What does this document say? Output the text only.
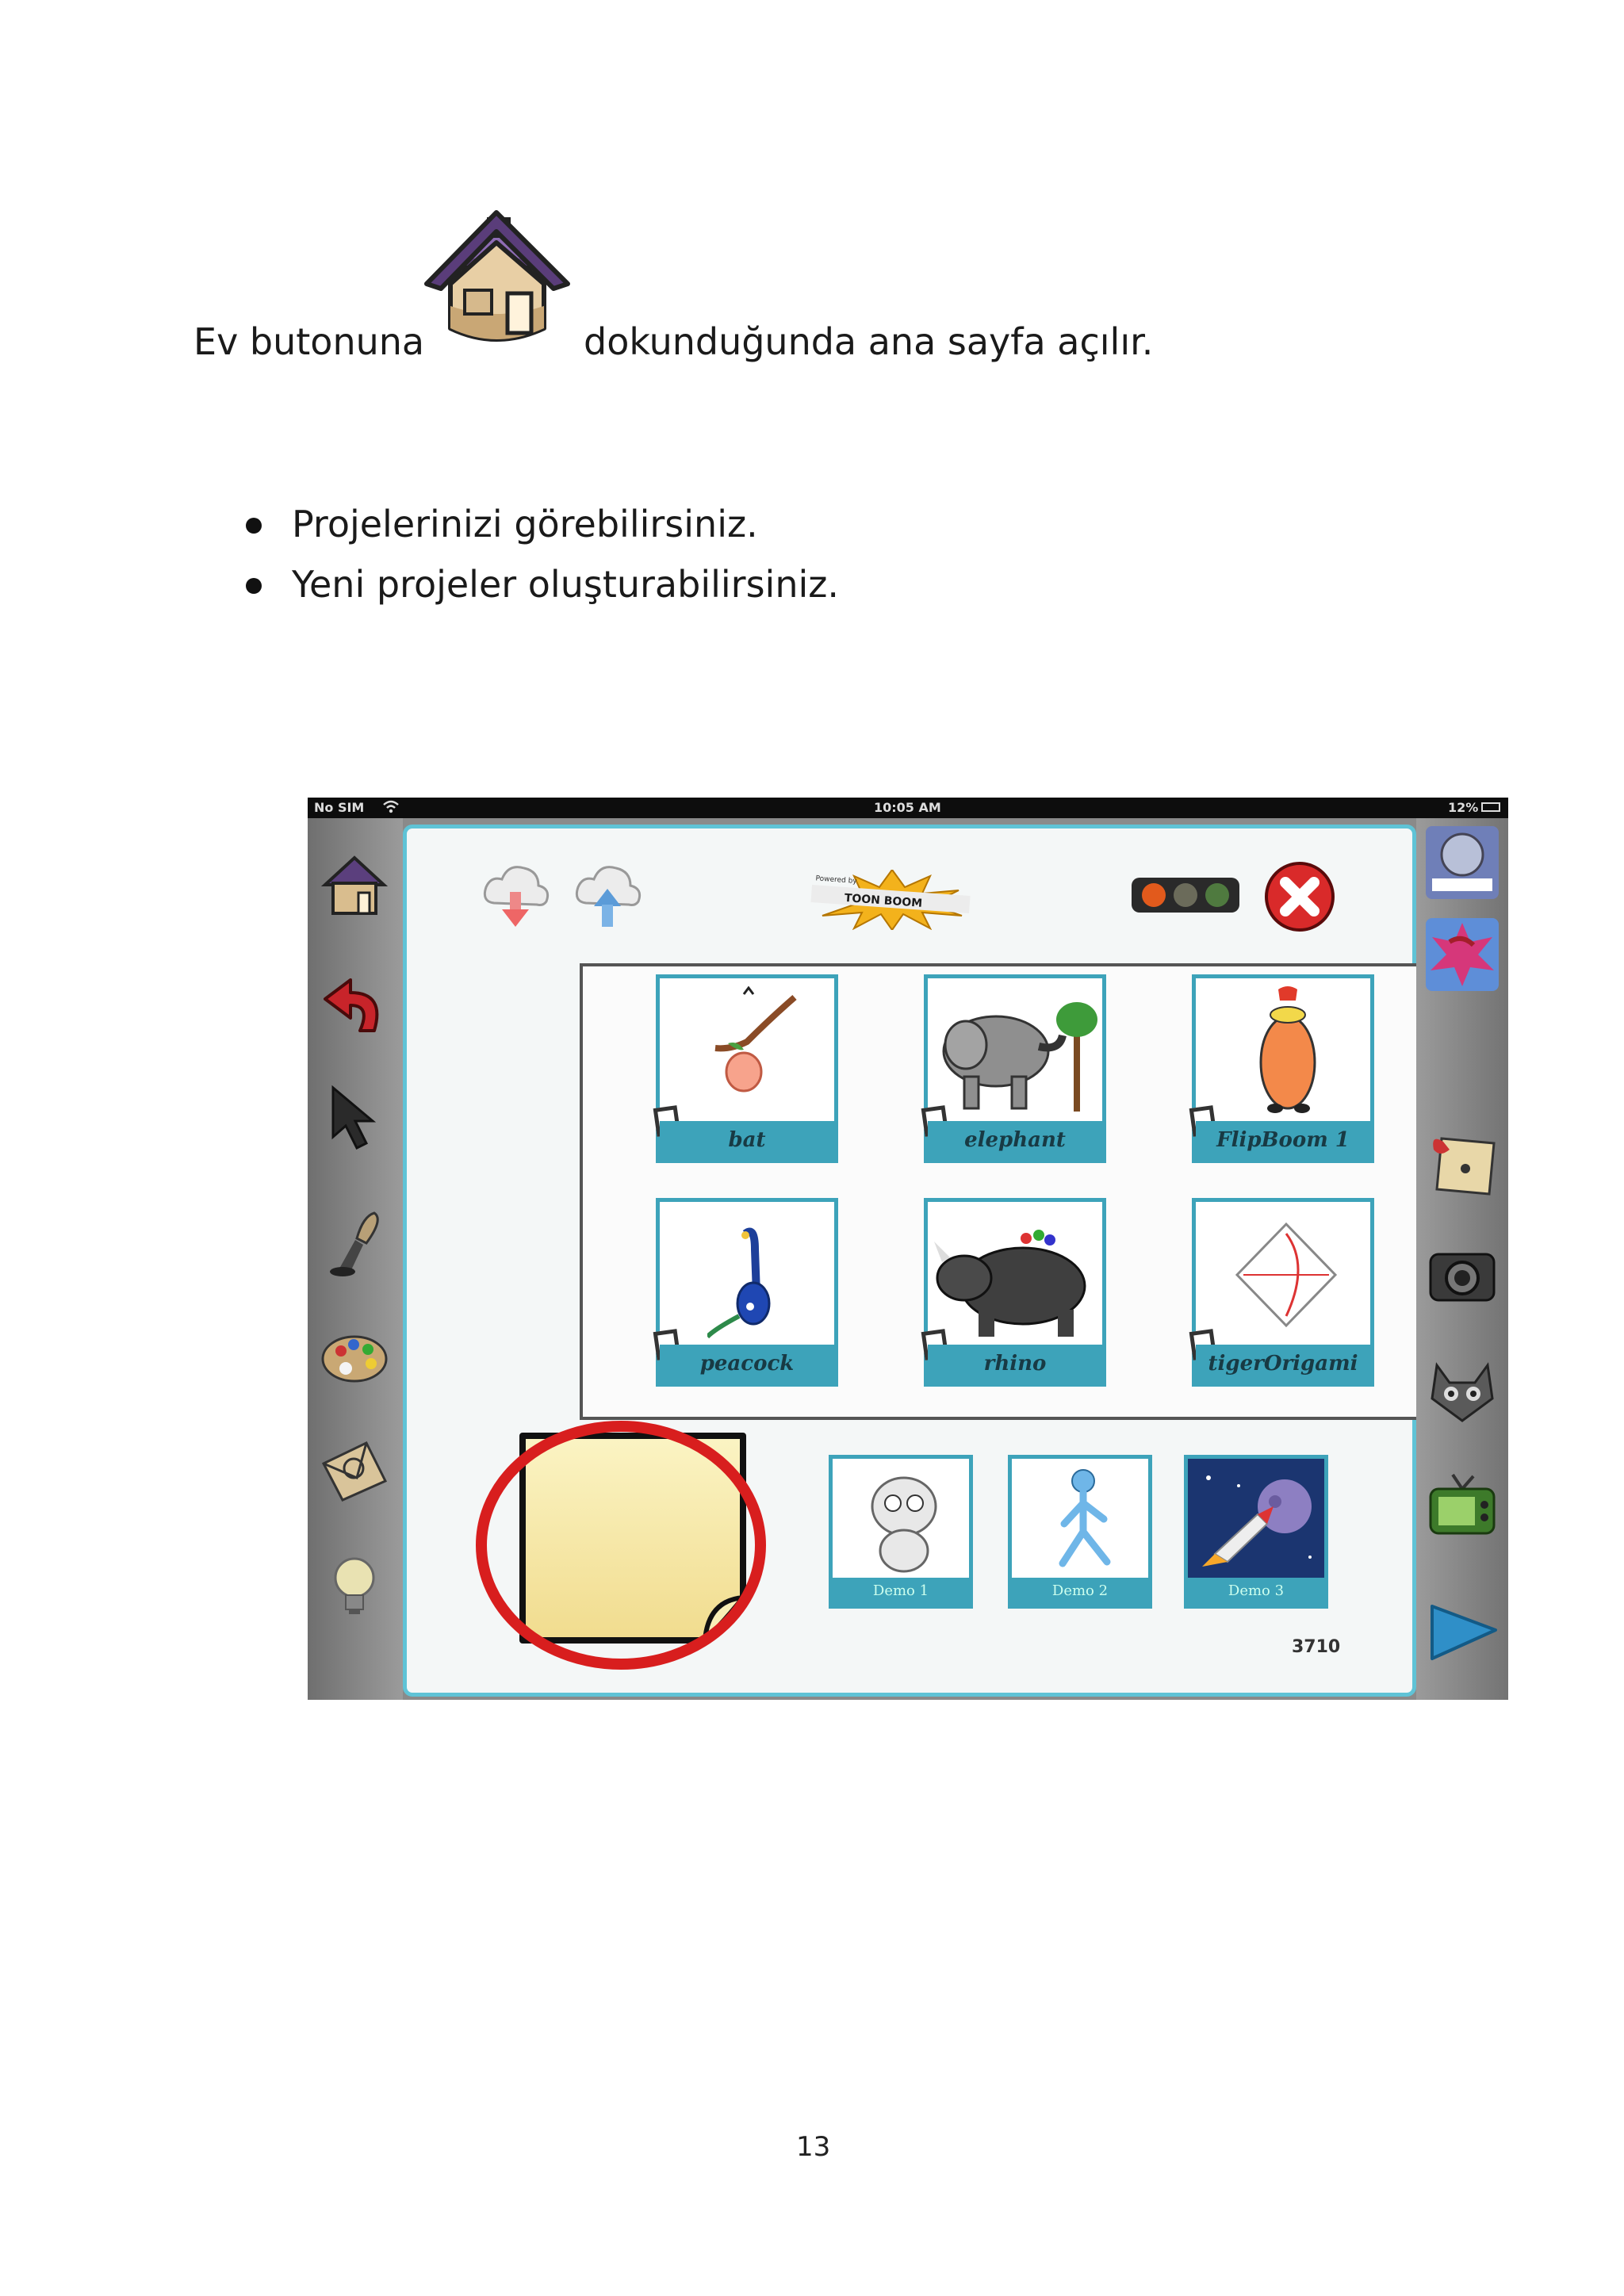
Ev butonuna	dokunduğunda ana sayfa açılır.
Projelerinizi görebilirsiniz.
Yeni projeler oluşturabilirsiniz.
No SIM	10:05 AM	12%
Powered by
TOON BOOM
bat	elephant	FlipBoom 1
peacock	rhino	tigerOrigami
Demo 1	Demo 2	Demo 3
3710
13
